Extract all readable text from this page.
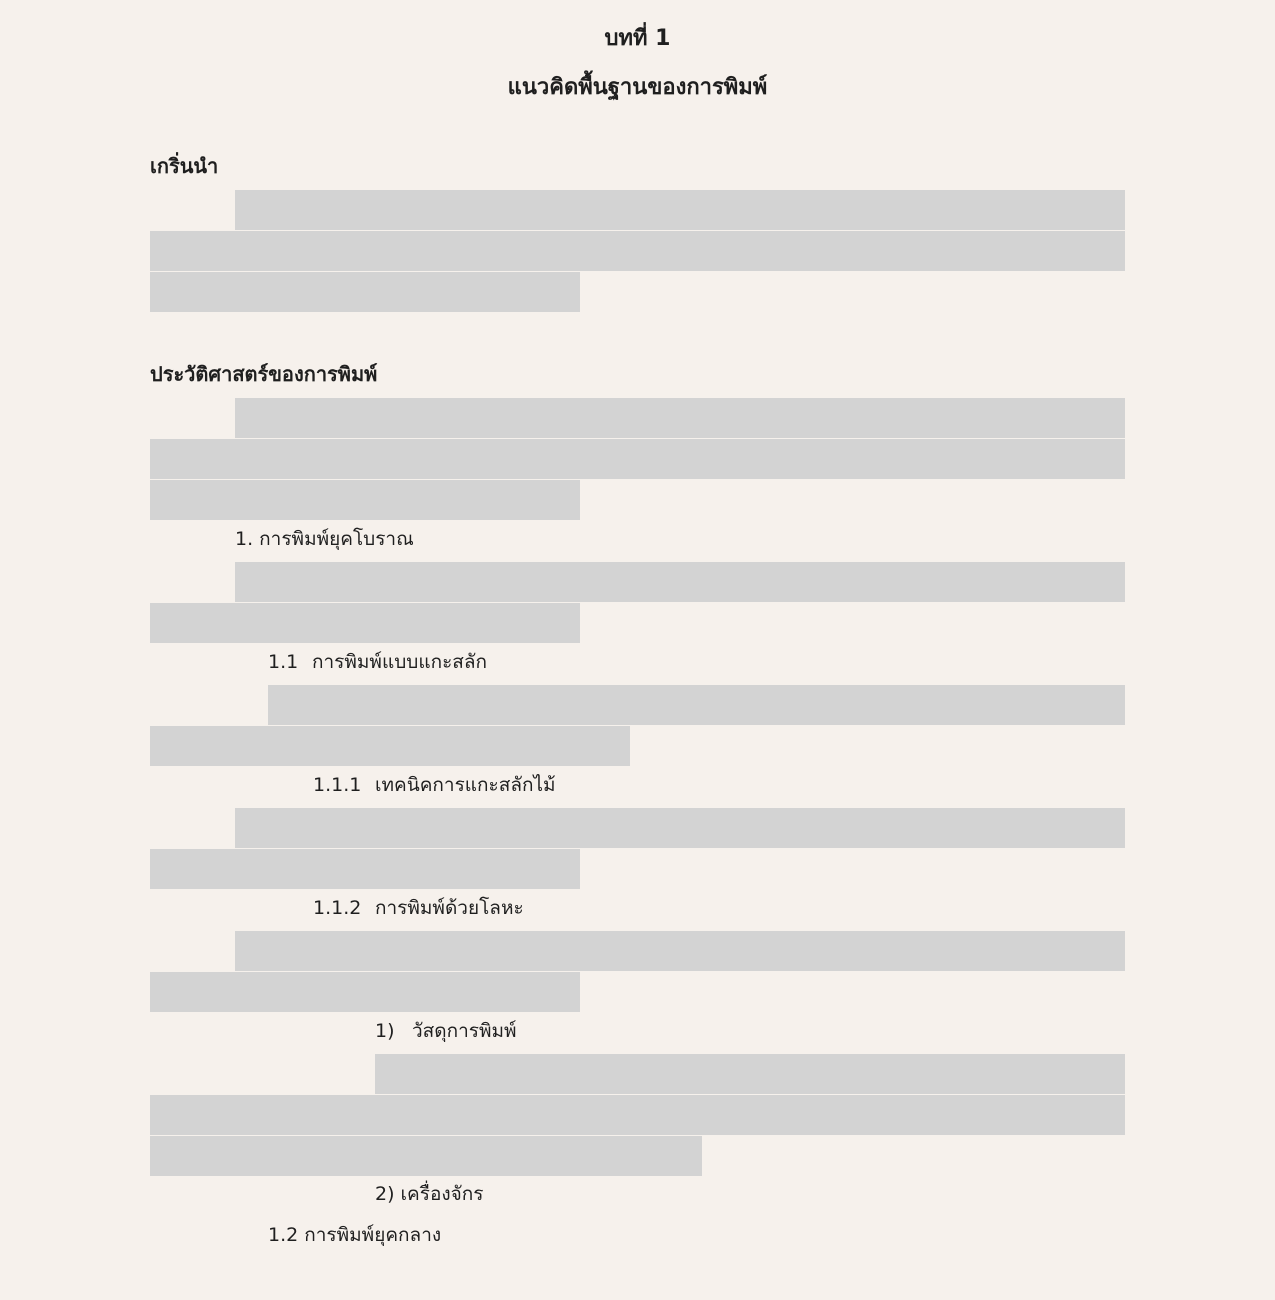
บทที่ 1
แนวคิดพื้นฐานของการพิมพ์
เกริ่นนำ
ประวัติศาสตร์ของการพิมพ์
1. การพิมพ์ยุคโบราณ
1.1 การพิมพ์แบบแกะสลัก
1.1.1 เทคนิคการแกะสลักไม้
1.1.2 การพิมพ์ด้วยโลหะ
1) วัสดุการพิมพ์
2) เครื่องจักร
1.2 การพิมพ์ยุคกลาง
